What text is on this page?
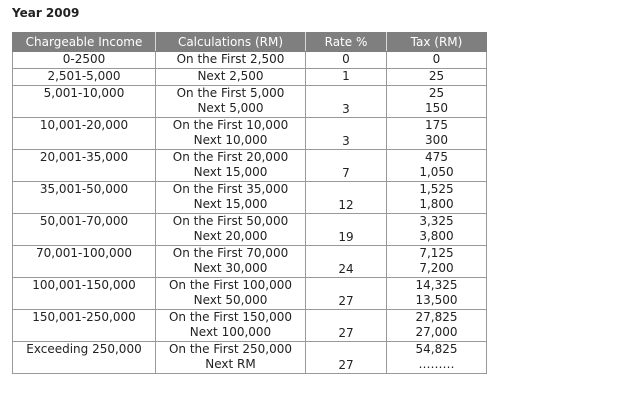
Year 2009
Chargeable Income	Calculations (RM)	Rate %	Tax (RM)
0-2500	On the First 2,500	0	0

2,501-5,000	Next 2,500	1	25

5,001-10,000	On the First 5,000
Next 5,000	3	25
150

10,001-20,000	On the First 10,000
Next 10,000	3	175
300

20,001-35,000	On the First 20,000
Next 15,000	7	475
1,050

35,001-50,000	On the First 35,000
Next 15,000	12	1,525
1,800

50,001-70,000	On the First 50,000
Next 20,000	19	3,325
3,800

70,001-100,000	On the First 70,000
Next 30,000	24	7,125
7,200

100,001-150,000	On the First 100,000
Next 50,000	27	14,325
13,500

150,001-250,000	On the First 150,000
Next 100,000	27	27,825
27,000

Exceeding 250,000	On the First 250,000
Next RM	27	54,825
………
